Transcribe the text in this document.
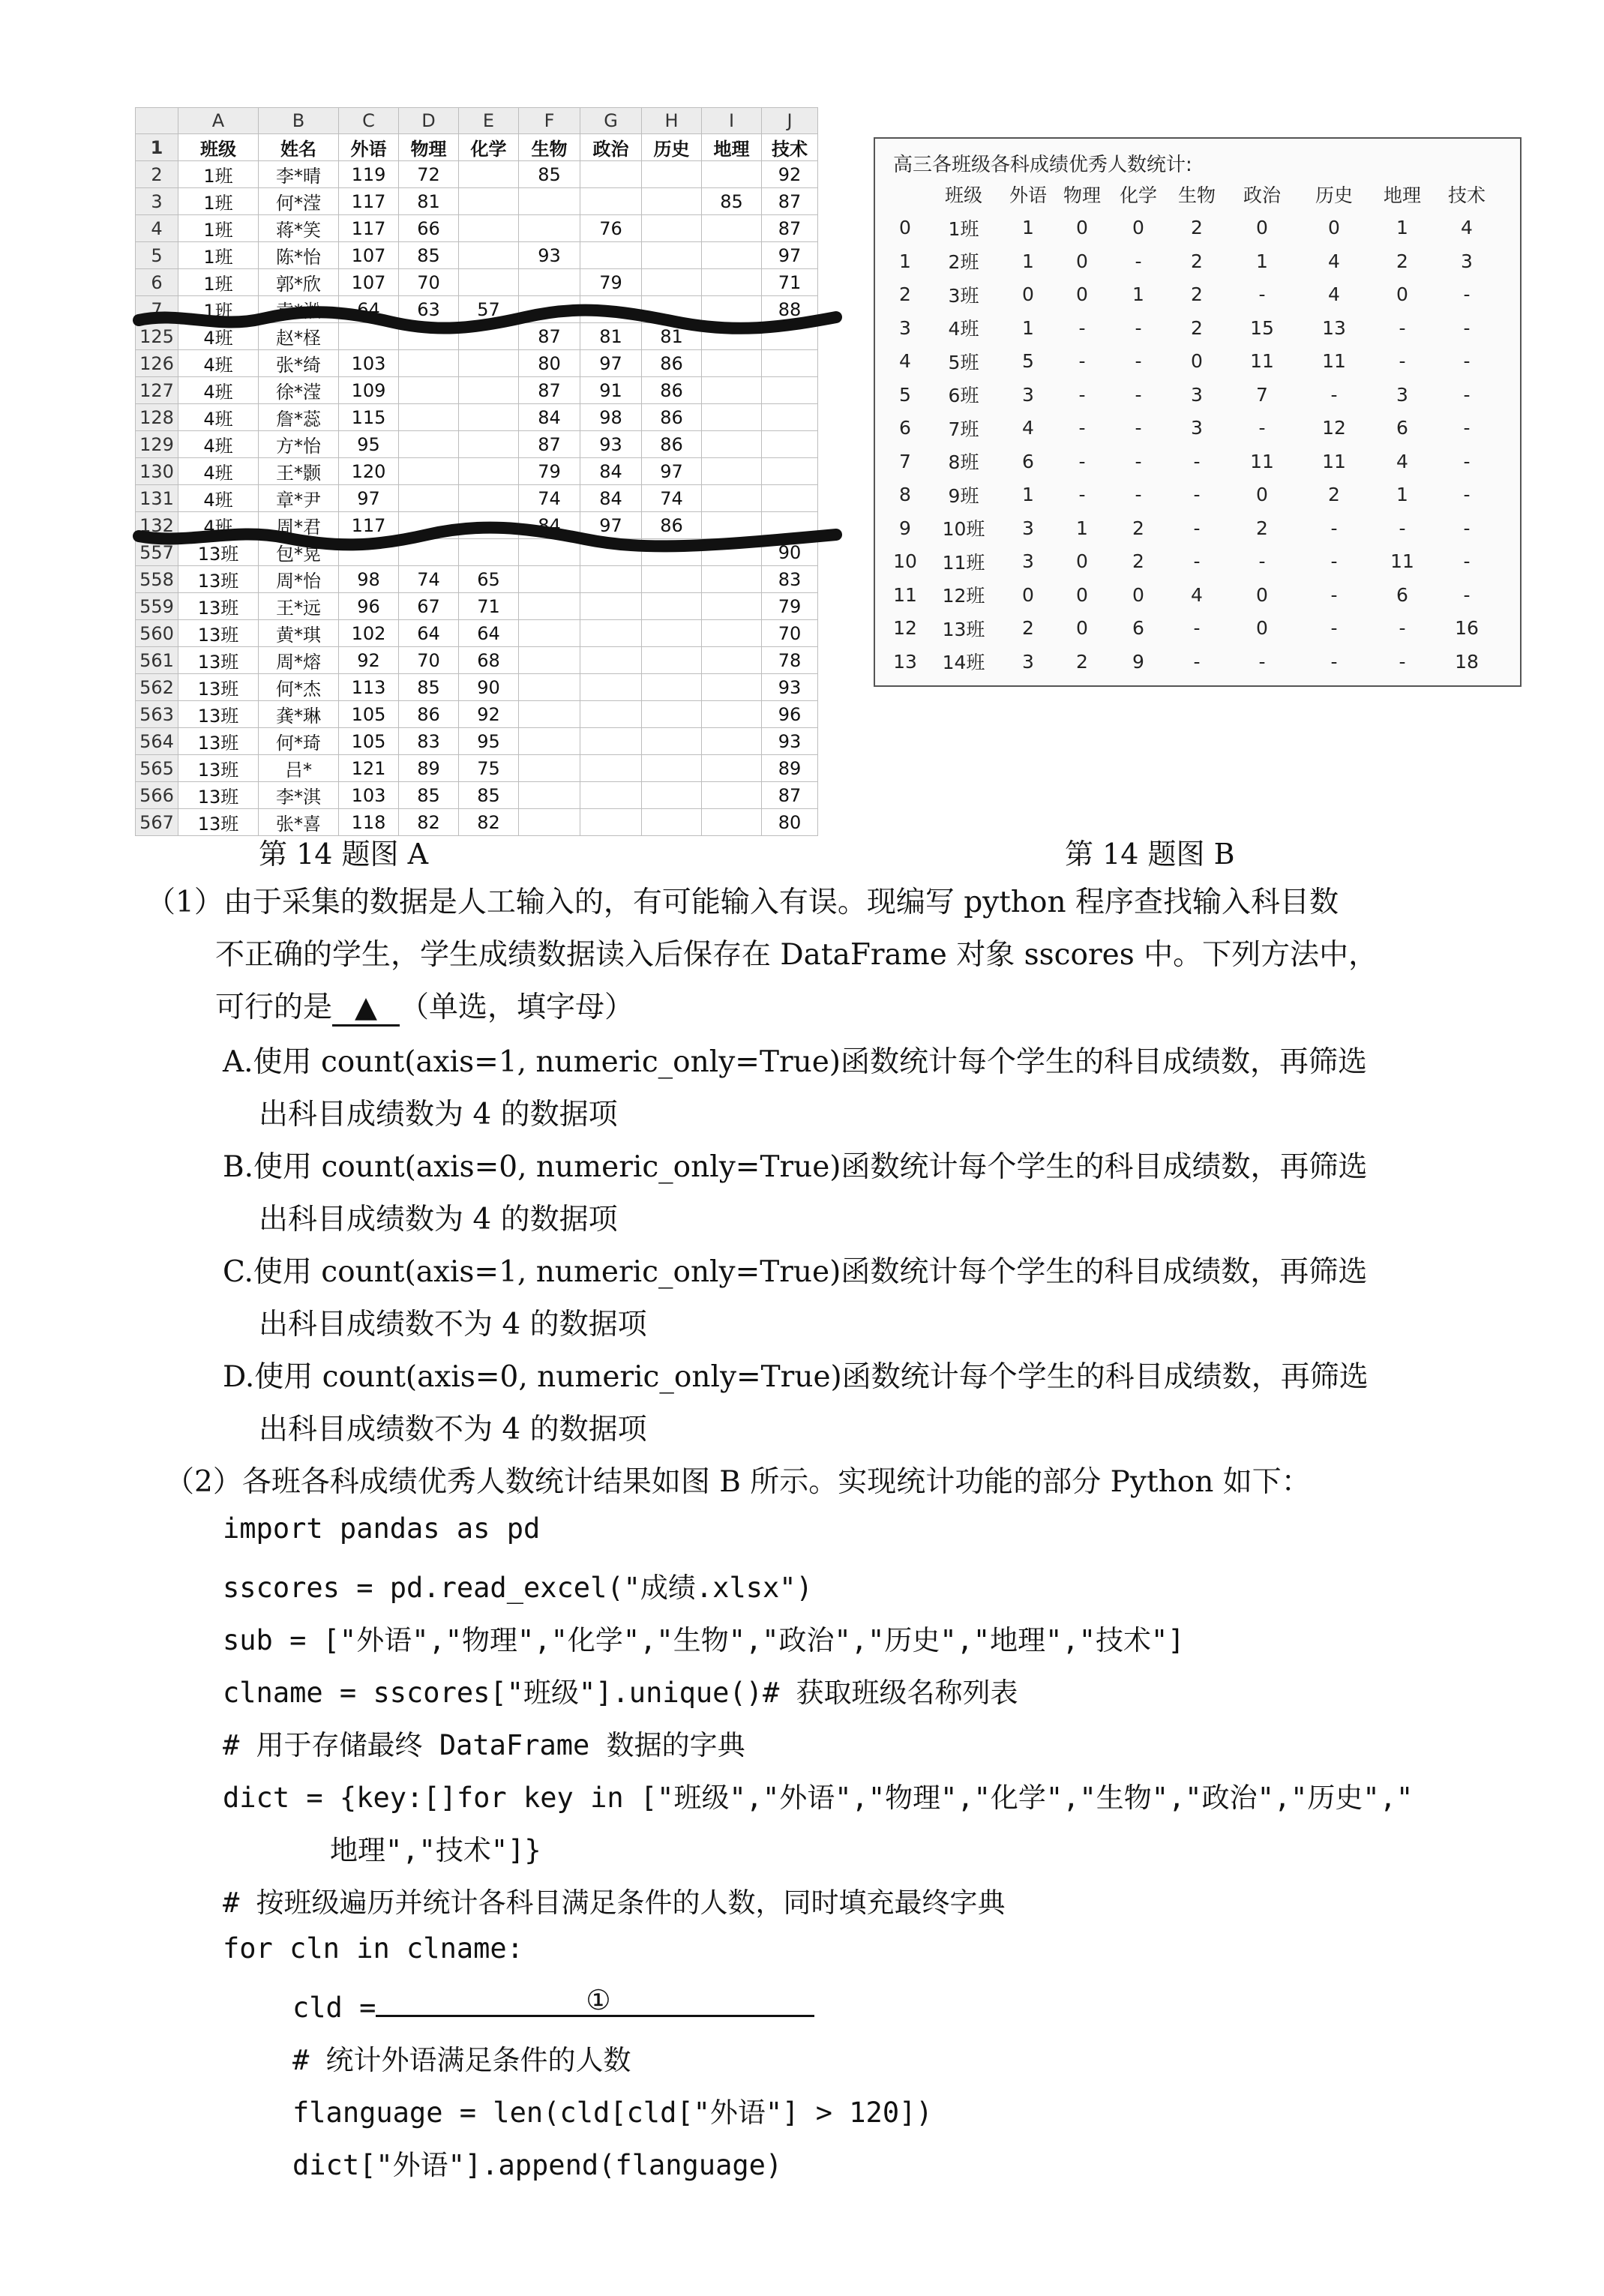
	A	B	C	D	E	F	G	H	I	J
1	班级	姓名	外语	物理	化学	生物	政治	历史	地理	技术
2	1班	李*晴	119	72		85				92
3	1班	何*滢	117	81					85	87
4	1班	蒋*笑	117	66			76			87
5	1班	陈*怡	107	85		93				97
6	1班	郭*欣	107	70			79			71
7	1班	袁*淞	64	63	57					88
125	4班	赵*柽				87	81	81		
126	4班	张*绮	103			80	97	86		
127	4班	徐*滢	109			87	91	86		
128	4班	詹*蕊	115			84	98	86		
129	4班	方*怡	95			87	93	86		
130	4班	王*颢	120			79	84	97		
131	4班	章*尹	97			74	84	74		
132	4班	周*君	117			84	97	86		
557	13班	包*晃								90
558	13班	周*怡	98	74	65					83
559	13班	王*远	96	67	71					79
560	13班	黄*琪	102	64	64					70
561	13班	周*熔	92	70	68					78
562	13班	何*杰	113	85	90					93
563	13班	龚*琳	105	86	92					96
564	13班	何*琦	105	83	95					93
565	13班	吕*	121	89	75					89
566	13班	李*淇	103	85	85					87
567	13班	张*喜	118	82	82					80
高三各班级各科成绩优秀人数统计:
	班级	外语	物理	化学	生物	政治	历史	地理	技术
0	1班	1	0	0	2	0	0	1	4
1	2班	1	0	-	2	1	4	2	3
2	3班	0	0	1	2	-	4	0	-
3	4班	1	-	-	2	15	13	-	-
4	5班	5	-	-	0	11	11	-	-
5	6班	3	-	-	3	7	-	3	-
6	7班	4	-	-	3	-	12	6	-
7	8班	6	-	-	-	11	11	4	-
8	9班	1	-	-	-	0	2	1	-
9	10班	3	1	2	-	2	-	-	-
10	11班	3	0	2	-	-	-	11	-
11	12班	0	0	0	4	0	-	6	-
12	13班	2	0	6	-	0	-	-	16
13	14班	3	2	9	-	-	-	-	18
第 14 题图 A	第 14 题图 B
（1）由于采集的数据是人工输入的，有可能输入有误。现编写 python 程序查找输入科目数
不正确的学生，学生成绩数据读入后保存在 DataFrame 对象 sscores 中。下列方法中，
可行的是 ▲ （单选，填字母）
A.使用 count(axis=1, numeric_only=True)函数统计每个学生的科目成绩数，再筛选
出科目成绩数为 4 的数据项
B.使用 count(axis=0, numeric_only=True)函数统计每个学生的科目成绩数，再筛选
出科目成绩数为 4 的数据项
C.使用 count(axis=1, numeric_only=True)函数统计每个学生的科目成绩数，再筛选
出科目成绩数不为 4 的数据项
D.使用 count(axis=0, numeric_only=True)函数统计每个学生的科目成绩数，再筛选
出科目成绩数不为 4 的数据项
（2）各班各科成绩优秀人数统计结果如图 B 所示。实现统计功能的部分 Python 如下：
import pandas as pd
sscores = pd.read_excel("成绩.xlsx")
sub = ["外语","物理","化学","生物","政治","历史","地理","技术"]
clname = sscores["班级"].unique()# 获取班级名称列表
# 用于存储最终 DataFrame 数据的字典
dict = {key:[]for key in ["班级","外语","物理","化学","生物","政治","历史","
地理","技术"]}
# 按班级遍历并统计各科目满足条件的人数，同时填充最终字典
for cln in clname:
cld =	①
# 统计外语满足条件的人数
flanguage = len(cld[cld["外语"] > 120])
dict["外语"].append(flanguage)
